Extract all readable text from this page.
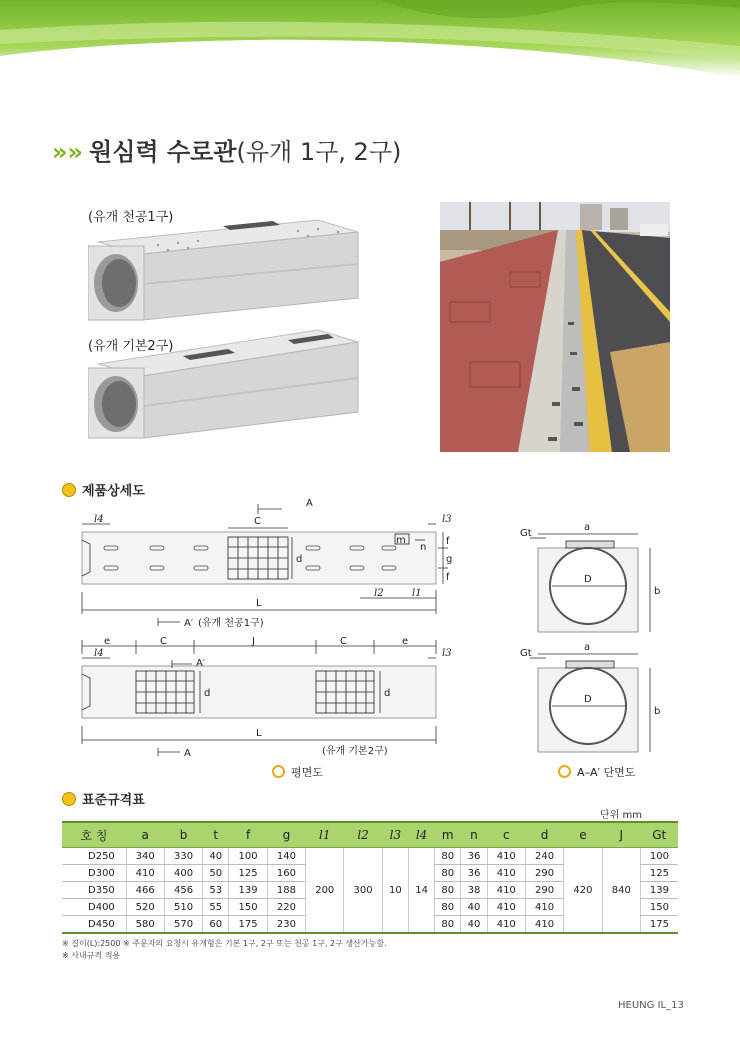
»» 원심력 수로관(유개 1구, 2구)
(유개 천공1구)
(유개 기본2구)
제품상세도
A
C
l4	l3
d
f
g
f
m
n
l2	l1
L
A′ (유개 천공1구)
e	C	J	C	e
l4	l3
A′
d	d
L
A	(유개 기본2구)
Gt
a
b
D
Gt
a
b
D
평면도	A–A′ 단면도
표준규격표
단위 mm
호 칭	a	b	t	f	g	l1	l2	l3	l4	m	n	c	d	e	J	Gt
D250	340	330	40	100	140	200	300	10	14	80	36	410	240	420	840	100
D300	410	400	50	125	160					80	36	410	290			125
D350	466	456	53	139	188					80	38	410	290			139
D400	520	510	55	150	220					80	40	410	410			150
D450	580	570	60	175	230					80	40	410	410			175
※ 길이(L):2500 ※ 주문자의 요청시 유개형은 기본 1구, 2구 또는 천공 1구, 2구 생산가능함.
※ 사내규격 적용
HEUNG IL_13
